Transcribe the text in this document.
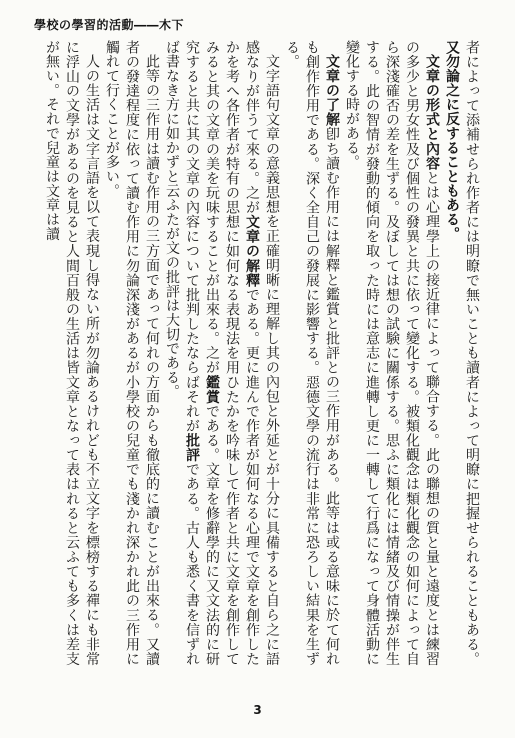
學校の學習的活動――木下

者によって添補せられ作者には明瞭で無いことも讀者によって明瞭に把握せられることもある。又勿論之に反することもある。

文章の形式と內容とは心理學上の接近律によって聯合する。此の聯想の質と量と遠度とは練習の多少と男女性及び個性の發異と共に依って變化する。被類化觀念は類化觀念の如何によって自ら深淺確否の差を生ずる。及ぼしては想の試験に關係する。思ふに類化には情緒及び情操が伴生する。此の智情が發動的傾向を取った時には意志に進轉し更に一轉して行爲になって身體活動に變化する時がある。

文章の了解卽ち讀む作用には解釋と鑑賞と批評との三作用がある。此等は或る意味に於て何れも創作作用である。深く全自己の發展に影響する。惡德文學の流行は非常に恐ろしい結果を生ずる。

文字語句文章の意義思想を正確明晰に理解し其の內包と外延とが十分に具備すると自ら之に語感なりが伴うて來る。之が文章の解釋である。更に進んで作者が如何なる心理で文章を創作したかを考へ各作者が特有の思想に如何なる表現法を用ひたかを吟味して作者と共に文章を創作してみると其の文章の美を玩味することが出來る。之が鑑賞である。文章を修辭學的に又文法的に研究すると共に其の文章の內容について批判したならばそれが批評である。古人も悉く書を信ずれば書なき方に如かずと云ふたが文の批評は大切である。

此等の三作用は讀む作用の三方面であって何れの方面からも徹底的に讀むことが出來る。又讀者の發達程度に依って讀む作用に勿論深淺があるが小學校の兒童でも淺かれ深かれ此の三作用に觸れて行くことが多い。

人の生活は文字言語を以て表現し得ない所が勿論あるけれども不立文字を標榜する禪にも非常に浮山の文學があるのを見ると人間百般の生活は皆文章となって表はれると云ふても多くは差支が無い。それで兒童は文章は讀

3
